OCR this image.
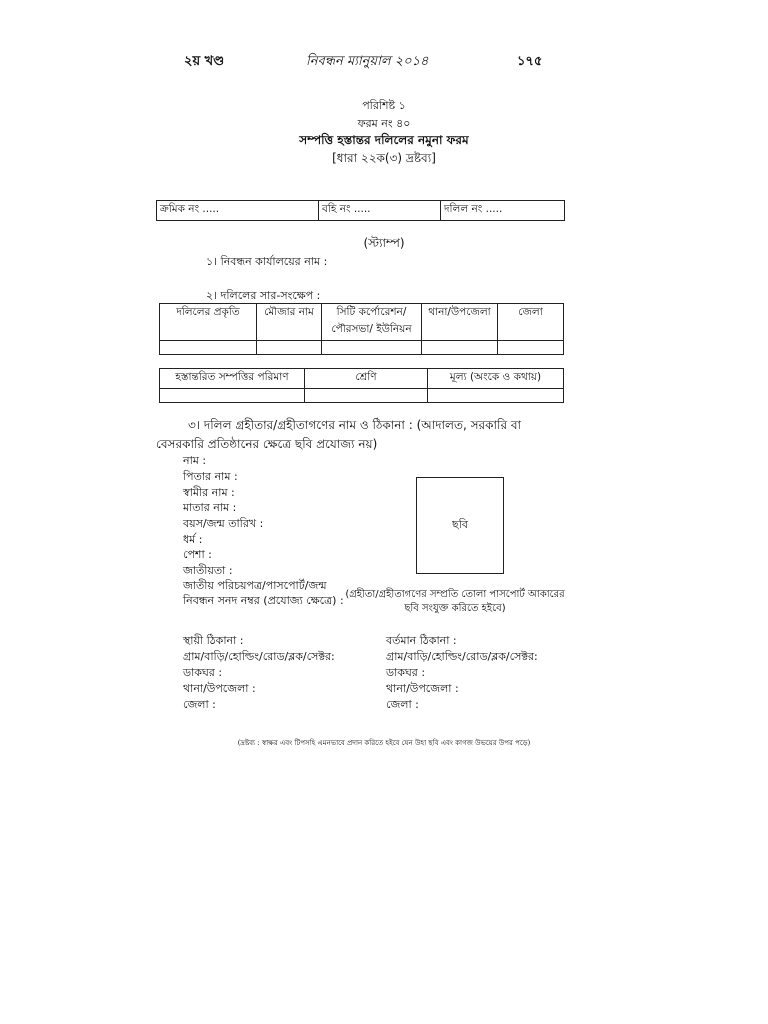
২য় খণ্ড	নিবন্ধন ম্যানুয়াল ২০১৪	১৭৫
পরিশিষ্ট ১
ফরম নং ৪০
সম্পত্তি হস্তান্তর দলিলের নমুনা ফরম
[ধারা ২২ক(৩) দ্রষ্টব্য]
ক্রমিক নং .....	বহি নং .....	দলিল নং .....
(স্ট্যাম্প)
১। নিবন্ধন কার্যালয়ের নাম :
২। দলিলের সার-সংক্ষেপ :
দলিলের প্রকৃতি	মৌজার নাম	সিটি কর্পোরেশন/ পৌরসভা/ ইউনিয়ন	থানা/উপজেলা	জেলা

হস্তান্তরিত সম্পত্তির পরিমাণ	শ্রেণি	মূল্য (অংকে ও কথায়)

৩। দলিল গ্রহীতার/গ্রহীতাগণের নাম ও ঠিকানা : (আদালত, সরকারি বা
বেসরকারি প্রতিষ্ঠানের ক্ষেত্রে ছবি প্রযোজ্য নয়)
নাম :
পিতার নাম :
স্বামীর নাম :
মাতার নাম :
বয়স/জন্ম তারিখ :
ধর্ম :
পেশা :
জাতীয়তা :
জাতীয় পরিচয়পত্র/পাসপোর্ট/জন্ম
নিবন্ধন সনদ নম্বর (প্রযোজ্য ক্ষেত্রে) :
ছবি
(গ্রহীতা/গ্রহীতাগণের সম্প্রতি তোলা পাসপোর্ট আকারের
ছবি সংযুক্ত করিতে হইবে)
স্থায়ী ঠিকানা :
গ্রাম/বাড়ি/হোল্ডিং/রোড/ব্লক/সেক্টর:
ডাকঘর :
থানা/উপজেলা :
জেলা :
বর্তমান ঠিকানা :
গ্রাম/বাড়ি/হোল্ডিং/রোড/ব্লক/সেক্টর:
ডাকঘর :
থানা/উপজেলা :
জেলা :
(দ্রষ্টব্য : স্বাক্ষর এবং টিপসহি এমনভাবে প্রদান করিতে হইবে যেন উহা ছবি এবং কাগজ উভয়ের উপর পড়ে)
